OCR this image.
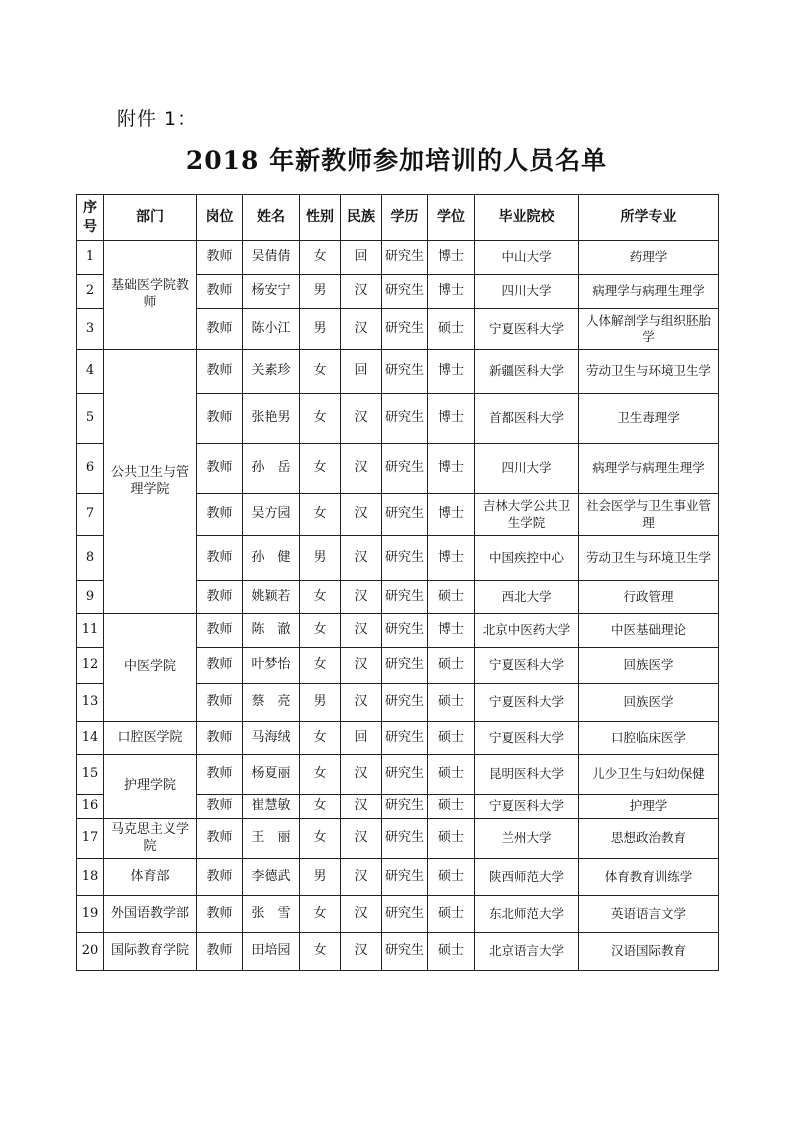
附件 1：
2018 年新教师参加培训的人员名单
序号	部门	岗位	姓名	性别	民族	学历	学位	毕业院校	所学专业
1	基础医学院教师	教师	吴倩倩	女	回	研究生	博士	中山大学	药理学
2		教师	杨安宁	男	汉	研究生	博士	四川大学	病理学与病理生理学
3		教师	陈小江	男	汉	研究生	硕士	宁夏医科大学	人体解剖学与组织胚胎学
4	公共卫生与管理学院	教师	关素珍	女	回	研究生	博士	新疆医科大学	劳动卫生与环境卫生学
5		教师	张艳男	女	汉	研究生	博士	首都医科大学	卫生毒理学
6		教师	孙　岳	女	汉	研究生	博士	四川大学	病理学与病理生理学
7		教师	吴方园	女	汉	研究生	博士	吉林大学公共卫生学院	社会医学与卫生事业管理
8		教师	孙　健	男	汉	研究生	博士	中国疾控中心	劳动卫生与环境卫生学
9		教师	姚颖若	女	汉	研究生	硕士	西北大学	行政管理
11	中医学院	教师	陈　澈	女	汉	研究生	博士	北京中医药大学	中医基础理论
12		教师	叶梦怡	女	汉	研究生	硕士	宁夏医科大学	回族医学
13		教师	蔡　亮	男	汉	研究生	硕士	宁夏医科大学	回族医学
14	口腔医学院	教师	马海绒	女	回	研究生	硕士	宁夏医科大学	口腔临床医学
15	护理学院	教师	杨夏丽	女	汉	研究生	硕士	昆明医科大学	儿少卫生与妇幼保健
16		教师	崔慧敏	女	汉	研究生	硕士	宁夏医科大学	护理学
17	马克思主义学院	教师	王　丽	女	汉	研究生	硕士	兰州大学	思想政治教育
18	体育部	教师	李德武	男	汉	研究生	硕士	陕西师范大学	体育教育训练学
19	外国语教学部	教师	张　雪	女	汉	研究生	硕士	东北师范大学	英语语言文学
20	国际教育学院	教师	田培园	女	汉	研究生	硕士	北京语言大学	汉语国际教育
